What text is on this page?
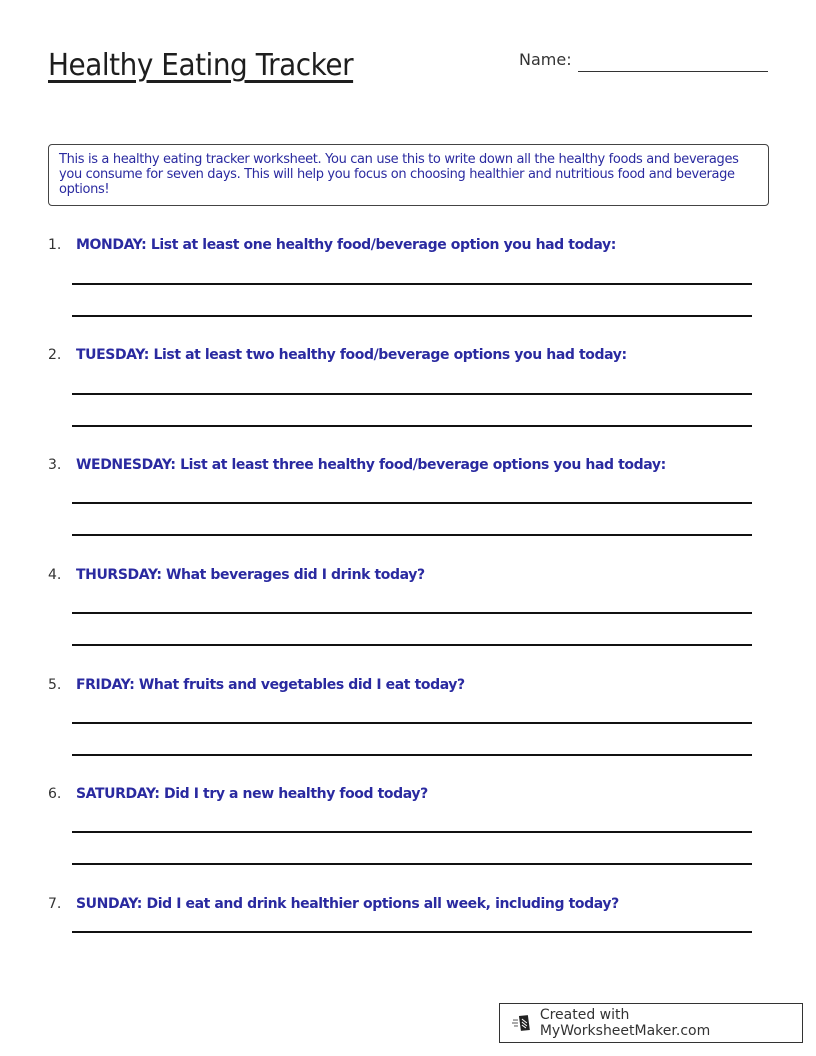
Healthy Eating Tracker	Name:
This is a healthy eating tracker worksheet. You can use this to write down all the healthy foods and beverages you consume for seven days. This will help you focus on choosing healthier and nutritious food and beverage options!
1.	MONDAY: List at least one healthy food/beverage option you had today:
2.	TUESDAY: List at least two healthy food/beverage options you had today:
3.	WEDNESDAY: List at least three healthy food/beverage options you had today:
4.	THURSDAY: What beverages did I drink today?
5.	FRIDAY: What fruits and vegetables did I eat today?
6.	SATURDAY: Did I try a new healthy food today?
7.	SUNDAY: Did I eat and drink healthier options all week, including today?
Created with MyWorksheetMaker.com
